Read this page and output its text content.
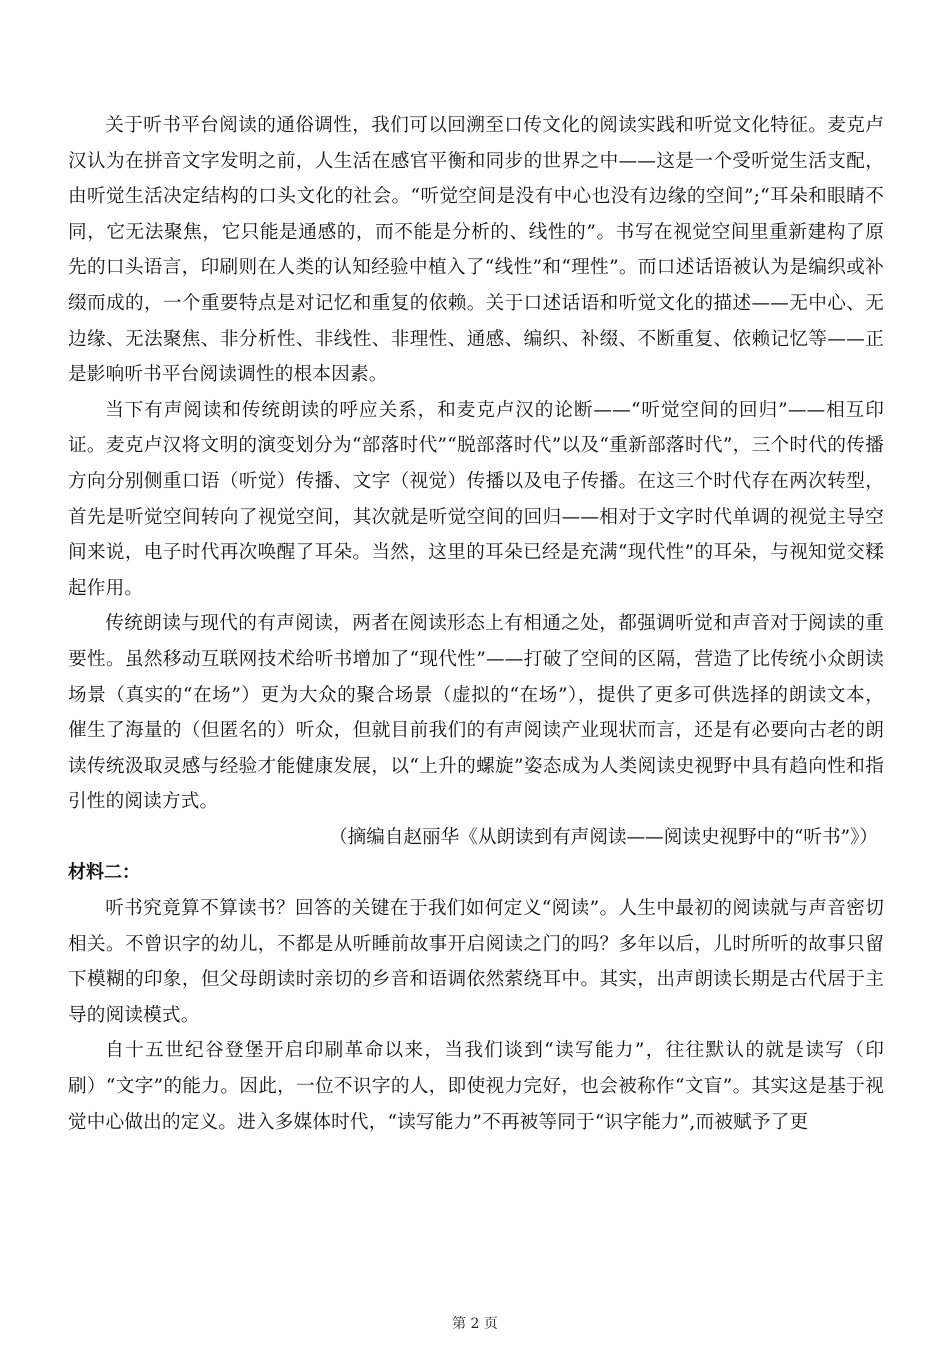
关于听书平台阅读的通俗调性，我们可以回溯至口传文化的阅读实践和听觉文化特征。麦克卢汉认为在拼音文字发明之前，人生活在感官平衡和同步的世界之中——这是一个受听觉生活支配，由听觉生活决定结构的口头文化的社会。“听觉空间是没有中心也没有边缘的空间”;“耳朵和眼睛不同，它无法聚焦，它只能是通感的，而不能是分析的、线性的”。书写在视觉空间里重新建构了原先的口头语言，印刷则在人类的认知经验中植入了“线性”和“理性”。而口述话语被认为是编织或补缀而成的，一个重要特点是对记忆和重复的依赖。关于口述话语和听觉文化的描述——无中心、无边缘、无法聚焦、非分析性、非线性、非理性、通感、编织、补缀、不断重复、依赖记忆等——正是影响听书平台阅读调性的根本因素。

当下有声阅读和传统朗读的呼应关系，和麦克卢汉的论断——“听觉空间的回归”——相互印证。麦克卢汉将文明的演变划分为“部落时代”“脱部落时代”以及“重新部落时代”，三个时代的传播方向分别侧重口语（听觉）传播、文字（视觉）传播以及电子传播。在这三个时代存在两次转型，首先是听觉空间转向了视觉空间，其次就是听觉空间的回归——相对于文字时代单调的视觉主导空间来说，电子时代再次唤醒了耳朵。当然，这里的耳朵已经是充满“现代性”的耳朵，与视知觉交糅起作用。

传统朗读与现代的有声阅读，两者在阅读形态上有相通之处，都强调听觉和声音对于阅读的重要性。虽然移动互联网技术给听书增加了“现代性”——打破了空间的区隔，营造了比传统小众朗读场景（真实的“在场”）更为大众的聚合场景（虚拟的“在场”），提供了更多可供选择的朗读文本，催生了海量的（但匿名的）听众，但就目前我们的有声阅读产业现状而言，还是有必要向古老的朗读传统汲取灵感与经验才能健康发展，以“上升的螺旋”姿态成为人类阅读史视野中具有趋向性和指引性的阅读方式。

（摘编自赵丽华《从朗读到有声阅读——阅读史视野中的“听书”》）

材料二：

听书究竟算不算读书？回答的关键在于我们如何定义“阅读”。人生中最初的阅读就与声音密切相关。不曾识字的幼儿，不都是从听睡前故事开启阅读之门的吗？多年以后，儿时所听的故事只留下模糊的印象，但父母朗读时亲切的乡音和语调依然萦绕耳中。其实，出声朗读长期是古代居于主导的阅读模式。

自十五世纪谷登堡开启印刷革命以来，当我们谈到“读写能力”，往往默认的就是读写（印刷）“文字”的能力。因此，一位不识字的人，即使视力完好，也会被称作“文盲”。其实这是基于视觉中心做出的定义。进入多媒体时代，“读写能力”不再被等同于“识字能力”,而被赋予了更

第 2 页
